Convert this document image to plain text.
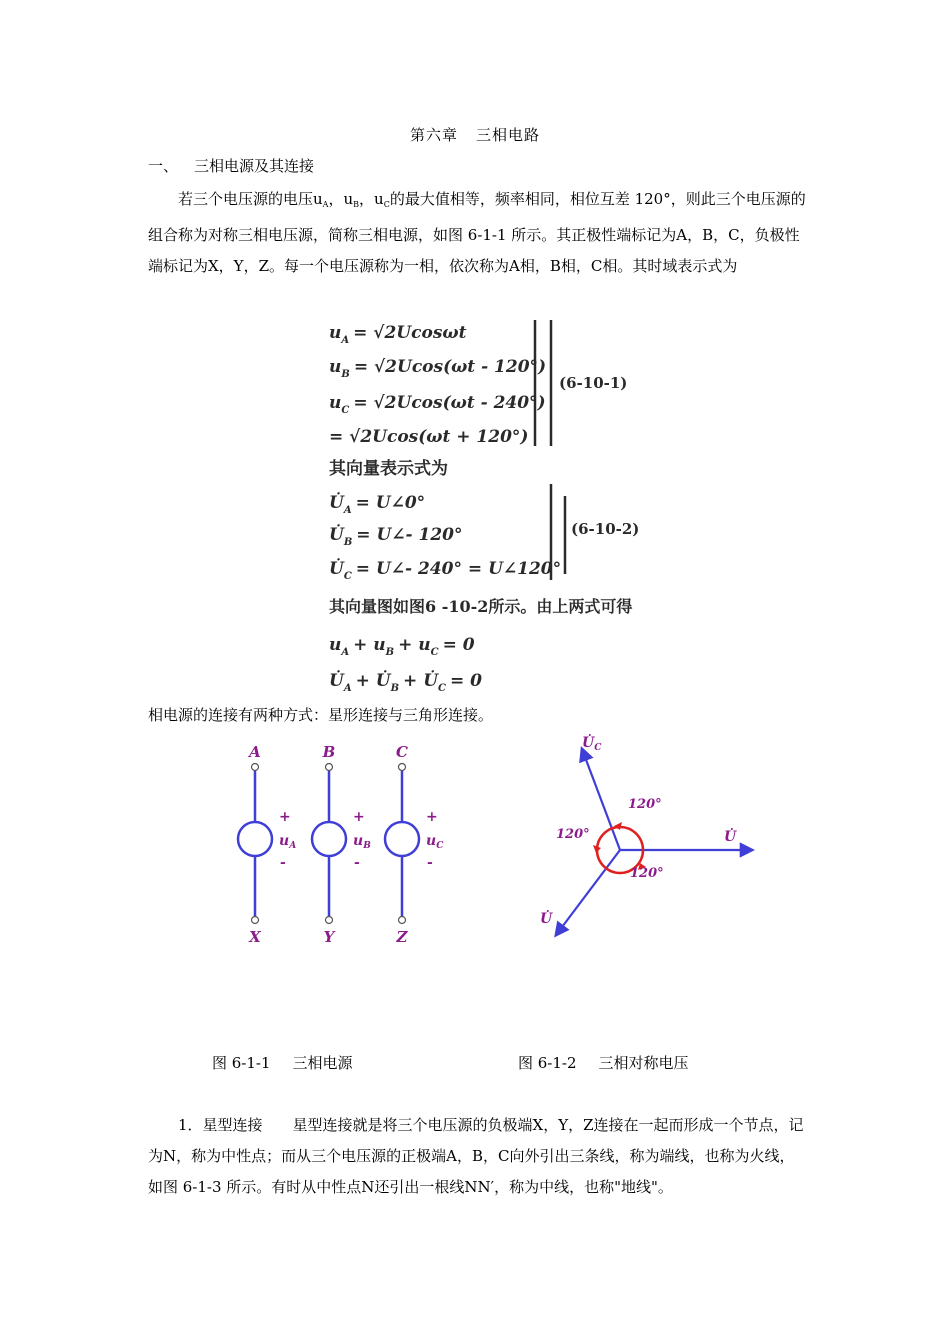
第六章 三相电路
一、 三相电源及其连接

若三个电压源的电压$u_A$，$u_B$，$u_C$的最大值相等，频率相同，相位互差 120°，则此三个电压源的组合称为对称三相电压源，简称三相电源，如图 6-1-1 所示。其正极性端标记为A，B，C，负极性端标记为X，Y，Z。每一个电压源称为一相，依次称为A相，B相，C相。其时域表示式为

$u_A = √2Ucos\omega t$
$u_B = √2Ucos(\omega t - 120^\circ)$
$u_C = √2Ucos(\omega t - 240^\circ)$
= √2Ucos(ωt + 120°)
(6-10-1)
其向量表示式为
$U̇_A$ = U∠0°
$U̇_B$ = U∠- 120°
$U̇_C$ = U∠- 240° = U∠120°
(6-10-2)
其向量图如图6 -10-2所示。由上两式可得
$u_A + u_B + u_C = 0$
$U̇_A$ + $U̇_B$ + $U̇_C = 0$

相电源的连接有两种方式：星形连接与三角形连接。

A	B	C
X	Y	Z
+	+	+
$u_A$	$u_B$	$u_C$
-	-	-
$U̇_C$
U̇
U̇
120°
120°
120°
图 6-1-1 三相电源	图 6-1-2 三相对称电压

1．星型连接 星型连接就是将三个电压源的负极端X，Y，Z连接在一起而形成一个节点，记为N，称为中性点；而从三个电压源的正极端A，B，C向外引出三条线，称为端线，也称为火线，如图 6-1-3 所示。有时从中性点N还引出一根线NN′，称为中线，也称"地线"。
